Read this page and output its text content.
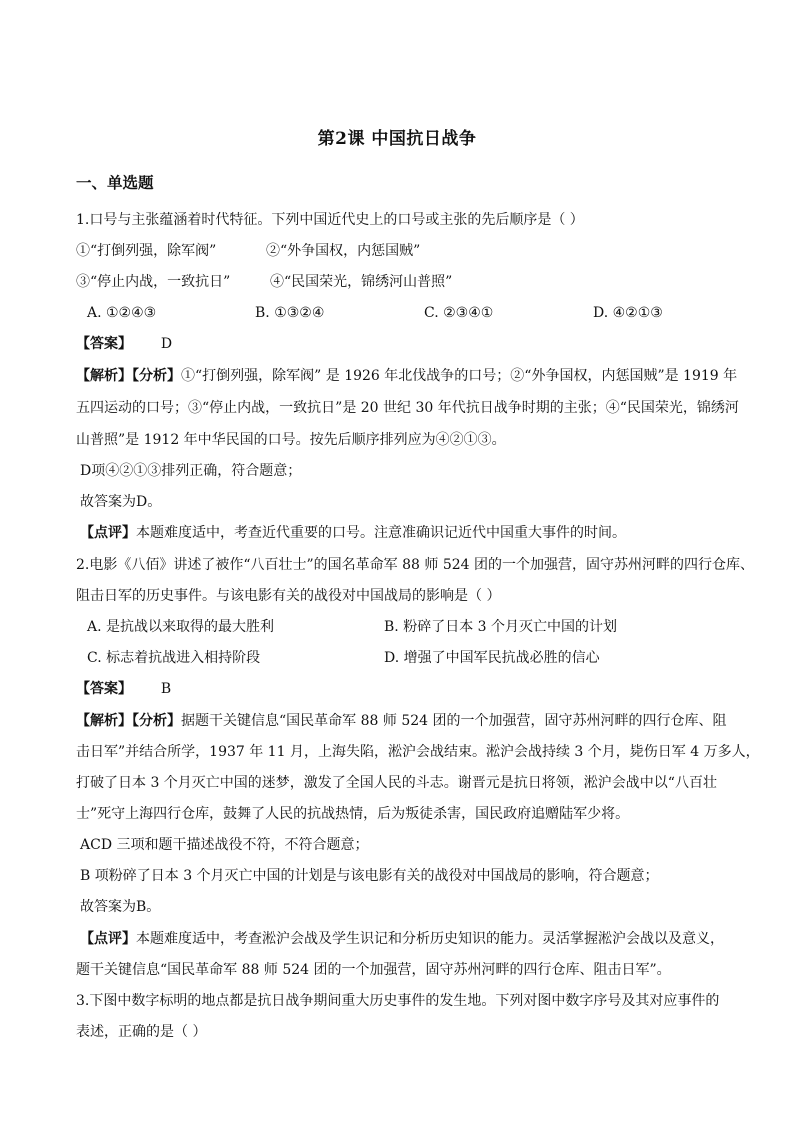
第2课 中国抗日战争
一、单选题
1.口号与主张蕴涵着时代特征。下列中国近代史上的口号或主张的先后顺序是（ ）
①“打倒列强，除军阀”	②“外争国权，内惩国贼”
③“停止内战，一致抗日”	④“民国荣光，锦绣河山普照”
A. ①②④③	B. ①③②④	C. ②③④①	D. ④②①③
【答案】 D
【解析】【分析】①“打倒列强，除军阀” 是 1926 年北伐战争的口号；②“外争国权，内惩国贼”是 1919 年
五四运动的口号；③“停止内战，一致抗日”是 20 世纪 30 年代抗日战争时期的主张；④“民国荣光，锦绣河
山普照”是 1912 年中华民国的口号。按先后顺序排列应为④②①③。
D项④②①③排列正确，符合题意；
故答案为D。
【点评】本题难度适中，考查近代重要的口号。注意准确识记近代中国重大事件的时间。
2.电影《八佰》讲述了被作“八百壮士”的国名革命军 88 师 524 团的一个加强营，固守苏州河畔的四行仓库、
阻击日军的历史事件。与该电影有关的战役对中国战局的影响是（ ）
A. 是抗战以来取得的最大胜利	B. 粉碎了日本 3 个月灭亡中国的计划
C. 标志着抗战进入相持阶段	D. 增强了中国军民抗战必胜的信心
【答案】 B
【解析】【分析】据题干关键信息“国民革命军 88 师 524 团的一个加强营，固守苏州河畔的四行仓库、阻
击日军”并结合所学，1937 年 11 月，上海失陷，淞沪会战结束。淞沪会战持续 3 个月，毙伤日军 4 万多人，
打破了日本 3 个月灭亡中国的迷梦，激发了全国人民的斗志。谢晋元是抗日将领，淞沪会战中以“八百壮
士”死守上海四行仓库，鼓舞了人民的抗战热情，后为叛徒杀害，国民政府追赠陆军少将。
ACD 三项和题干描述战役不符，不符合题意；
B 项粉碎了日本 3 个月灭亡中国的计划是与该电影有关的战役对中国战局的影响，符合题意；
故答案为B。
【点评】本题难度适中，考查淞沪会战及学生识记和分析历史知识的能力。灵活掌握淞沪会战以及意义，
题干关键信息“国民革命军 88 师 524 团的一个加强营，固守苏州河畔的四行仓库、阻击日军”。
3.下图中数字标明的地点都是抗日战争期间重大历史事件的发生地。下列对图中数字序号及其对应事件的
表述，正确的是（ ）
